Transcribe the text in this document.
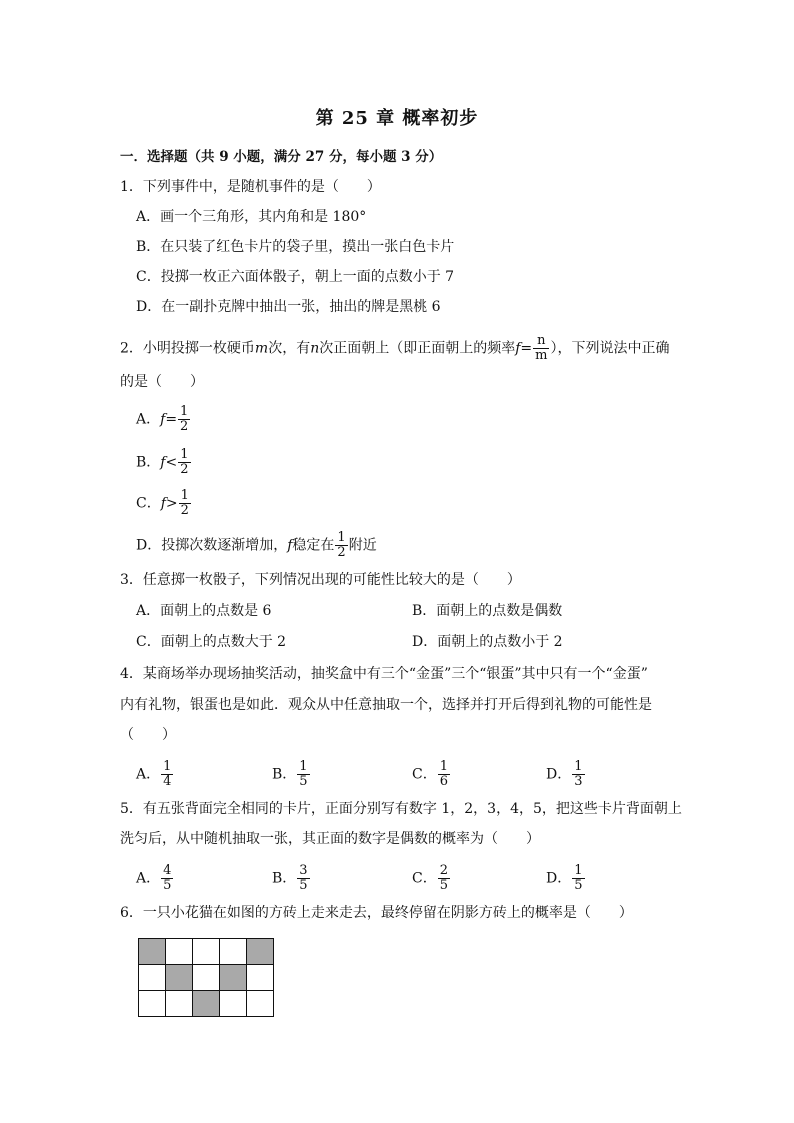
第 25 章 概率初步
一．选择题（共 9 小题，满分 27 分，每小题 3 分）
1．下列事件中，是随机事件的是（　　）
A．画一个三角形，其内角和是 180°
B．在只装了红色卡片的袋子里，摸出一张白色卡片
C．投掷一枚正六面体骰子，朝上一面的点数小于 7
D．在一副扑克牌中抽出一张，抽出的牌是黑桃 6
2．小明投掷一枚硬币m次，有n次正面朝上（即正面朝上的频率$f= \frac{n}{m}$ ），下列说法中正确
的是（　　）
A．$f= \frac{1}{2}$
B．$f< \frac{1}{2}$
C．$f> \frac{1}{2}$
D．投掷次数逐渐增加，f稳定在 $\frac{1}{2}$ 附近
3．任意掷一枚骰子，下列情况出现的可能性比较大的是（　　）
A．面朝上的点数是 6	B．面朝上的点数是偶数
C．面朝上的点数大于 2	D．面朝上的点数小于 2
4．某商场举办现场抽奖活动，抽奖盒中有三个“金蛋”三个“银蛋”其中只有一个“金蛋”
内有礼物，银蛋也是如此．观众从中任意抽取一个，选择并打开后得到礼物的可能性是
（　　）
A． $\frac{1}{4}$	B． $\frac{1}{5}$	C． $\frac{1}{6}$	D． $\frac{1}{3}$
5．有五张背面完全相同的卡片，正面分别写有数字 1，2，3，4，5，把这些卡片背面朝上
洗匀后，从中随机抽取一张，其正面的数字是偶数的概率为（　　）
A． $\frac{4}{5}$	B． $\frac{3}{5}$	C． $\frac{2}{5}$	D． $\frac{1}{5}$
6．一只小花猫在如图的方砖上走来走去，最终停留在阴影方砖上的概率是（　　）
